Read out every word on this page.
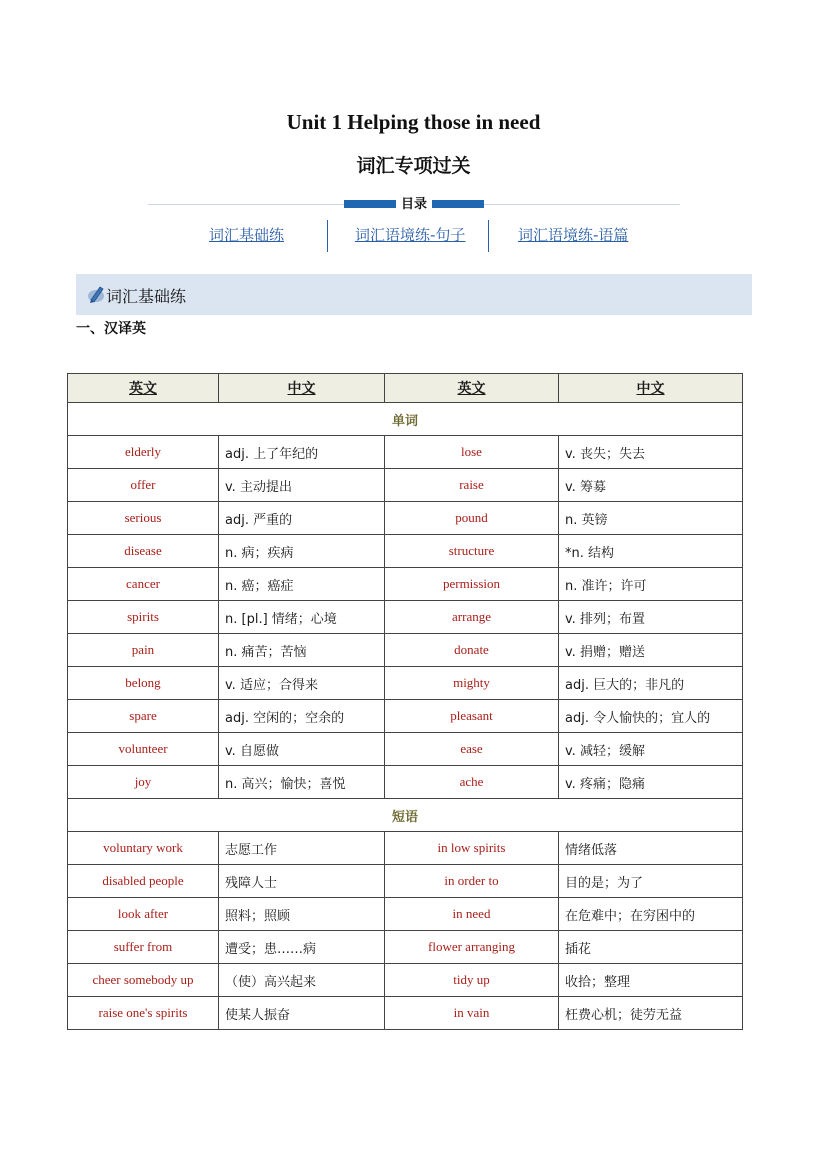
Unit 1 Helping those in need
词汇专项过关
目录
词汇基础练	词汇语境练-句子	词汇语境练-语篇
词汇基础练
一、汉译英
英文	中文	英文	中文
单词			
elderly	adj. 上了年纪的	lose	v. 丧失；失去
offer	v. 主动提出	raise	v. 筹募
serious	adj. 严重的	pound	n. 英镑
disease	n. 病；疾病	structure	*n. 结构
cancer	n. 癌；癌症	permission	n. 准许；许可
spirits	n. [pl.] 情绪；心境	arrange	v. 排列；布置
pain	n. 痛苦；苦恼	donate	v. 捐赠；赠送
belong	v. 适应；合得来	mighty	adj. 巨大的；非凡的
spare	adj. 空闲的；空余的	pleasant	adj. 令人愉快的；宜人的
volunteer	v. 自愿做	ease	v. 减轻；缓解
joy	n. 高兴；愉快；喜悦	ache	v. 疼痛；隐痛
短语			
voluntary work	志愿工作	in low spirits	情绪低落
disabled people	残障人士	in order to	目的是；为了
look after	照料；照顾	in need	在危难中；在穷困中的
suffer from	遭受；患……病	flower arranging	插花
cheer somebody up	（使）高兴起来	tidy up	收拾；整理
raise one's spirits	使某人振奋	in vain	枉费心机；徒劳无益
